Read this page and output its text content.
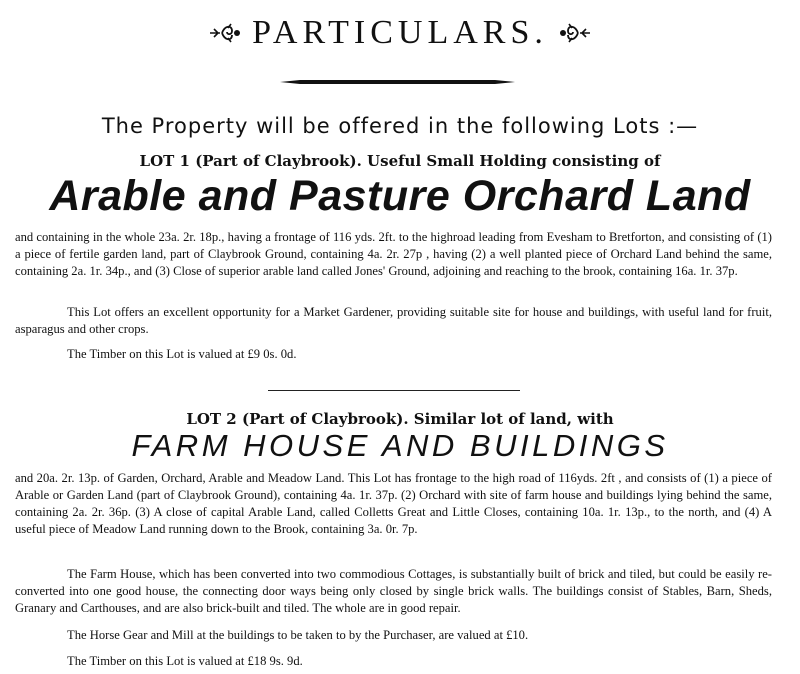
PARTICULARS.
The Property will be offered in the following Lots :—
LOT 1 (Part of Claybrook). Useful Small Holding consisting of
Arable and Pasture Orchard Land

and containing in the whole 23a. 2r. 18p., having a frontage of 116 yds. 2ft. to the highroad leading from Evesham to Bretforton, and consisting of (1) a piece of fertile garden land, part of Claybrook Ground, containing 4a. 2r. 27p , having (2) a well planted piece of Orchard Land behind the same, containing 2a. 1r. 34p., and (3) Close of superior arable land called Jones' Ground, adjoining and reaching to the brook, containing 16a. 1r. 37p.

This Lot offers an excellent opportunity for a Market Gardener, providing suitable site for house and buildings, with useful land for fruit, asparagus and other crops.

The Timber on this Lot is valued at £9 0s. 0d.

LOT 2 (Part of Claybrook). Similar lot of land, with
FARM HOUSE AND BUILDINGS

and 20a. 2r. 13p. of Garden, Orchard, Arable and Meadow Land. This Lot has frontage to the high road of 116yds. 2ft , and consists of (1) a piece of Arable or Garden Land (part of Claybrook Ground), containing 4a. 1r. 37p. (2) Orchard with site of farm house and buildings lying behind the same, containing 2a. 2r. 36p. (3) A close of capital Arable Land, called Colletts Great and Little Closes, containing 10a. 1r. 13p., to the north, and (4) A useful piece of Meadow Land running down to the Brook, containing 3a. 0r. 7p.

The Farm House, which has been converted into two commodious Cottages, is substantially built of brick and tiled, but could be easily re-converted into one good house, the connecting door ways being only closed by single brick walls. The buildings consist of Stables, Barn, Sheds, Granary and Carthouses, and are also brick-built and tiled. The whole are in good repair.

The Horse Gear and Mill at the buildings to be taken to by the Purchaser, are valued at £10.

The Timber on this Lot is valued at £18 9s. 9d.
